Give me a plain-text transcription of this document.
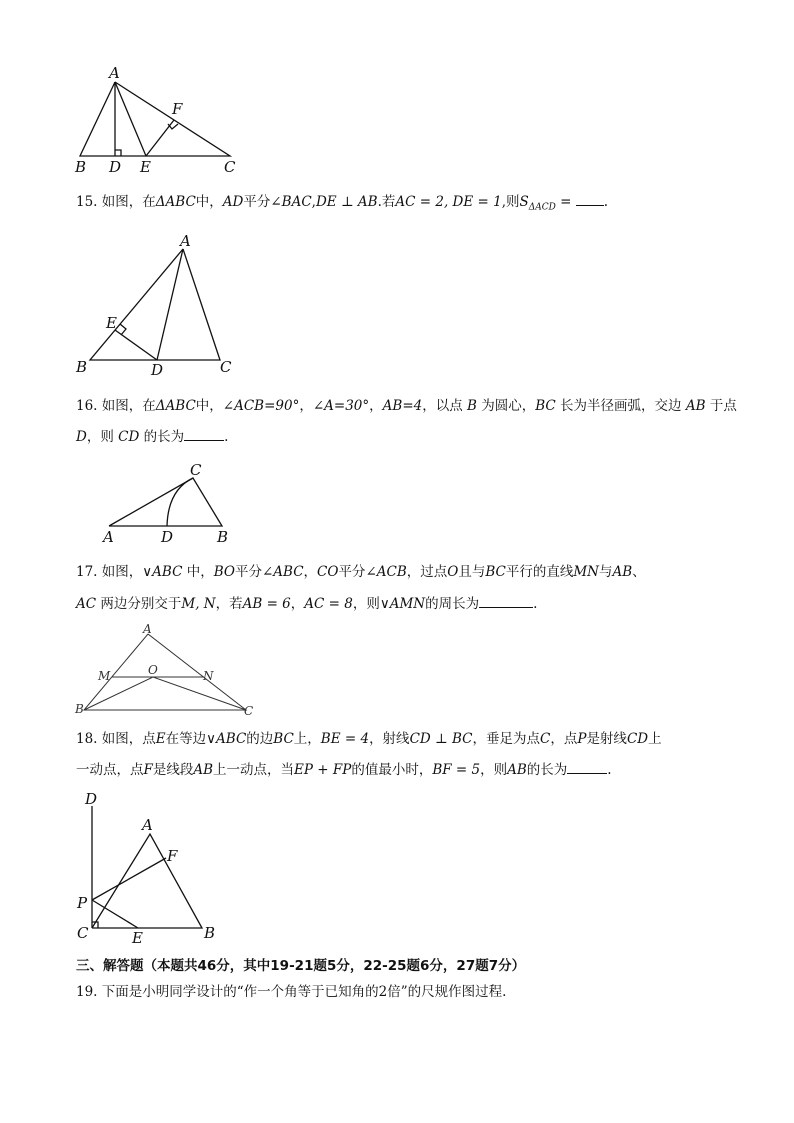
A
F
B D E	C
15. 如图，在ΔABC中，AD平分∠BAC,DE ⊥ AB.若AC = 2, DE = 1,则$S_{\Delta ACD}$ = .
A
E
B	D	C
16. 如图，在ΔABC中，∠ACB=90°，∠A=30°，AB=4，以点 B 为圆心，BC 长为半径画弧，交边 AB 于点
D，则 CD 的长为	.
C
A	D	B
17. 如图，∨ABC 中，BO平分∠ABC，CO平分∠ACB，过点O且与BC平行的直线MN与AB、
AC 两边分别交于M, N，若AB = 6，AC = 8，则∨AMN的周长为	.
A
M	O	N
B	C
18. 如图，点E在等边∨ABC的边BC上，BE = 4，射线CD ⊥ BC，垂足为点C，点P是射线CD上
一动点，点F是线段AB上一动点，当EP + FP的值最小时，BF = 5，则AB的长为	.
D
A
F
P
C	E	B
三、解答题（本题共46分，其中19-21题5分，22-25题6分，27题7分）
19. 下面是小明同学设计的“作一个角等于已知角的2倍”的尺规作图过程.
